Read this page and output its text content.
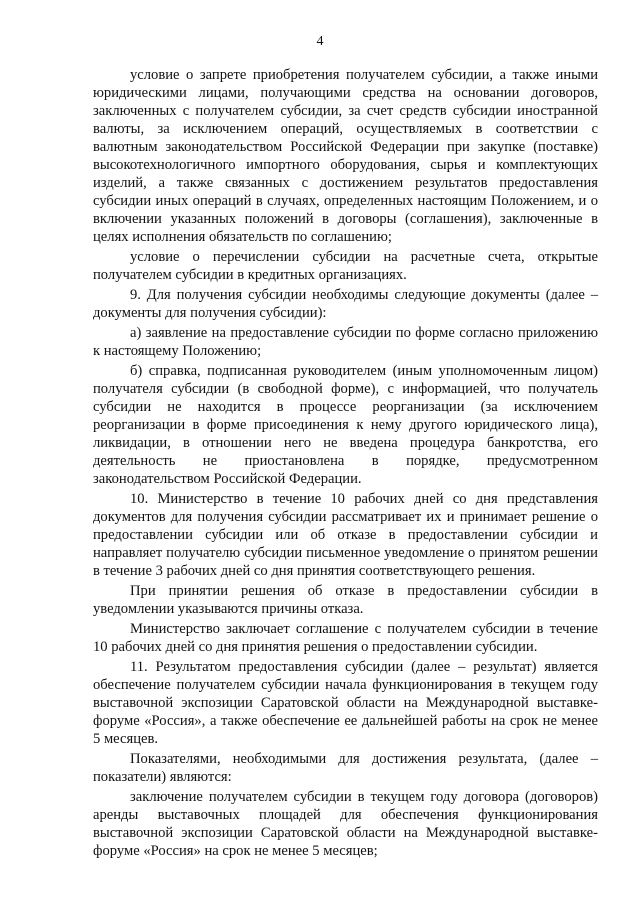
4

условие о запрете приобретения получателем субсидии, а также иными юридическими лицами, получающими средства на основании договоров, заключенных с получателем субсидии, за счет средств субсидии иностранной валюты, за исключением операций, осуществляемых в соответствии с валютным законодательством Российской Федерации при закупке (поставке) высокотехнологичного импортного оборудования, сырья и комплектующих изделий, а также связанных с достижением результатов предоставления субсидии иных операций в случаях, определенных настоящим Положением, и о включении указанных положений в договоры (соглашения), заключенные в целях исполнения обязательств по соглашению;

условие о перечислении субсидии на расчетные счета, открытые получателем субсидии в кредитных организациях.

9. Для получения субсидии необходимы следующие документы (далее – документы для получения субсидии):

а) заявление на предоставление субсидии по форме согласно приложению к настоящему Положению;

б) справка, подписанная руководителем (иным уполномоченным лицом) получателя субсидии (в свободной форме), с информацией, что получатель субсидии не находится в процессе реорганизации (за исключением реорганизации в форме присоединения к нему другого юридического лица), ликвидации, в отношении него не введена процедура банкротства, его деятельность не приостановлена в порядке, предусмотренном законодательством Российской Федерации.

10. Министерство в течение 10 рабочих дней со дня представления документов для получения субсидии рассматривает их и принимает решение о предоставлении субсидии или об отказе в предоставлении субсидии и направляет получателю субсидии письменное уведомление о принятом решении в течение 3 рабочих дней со дня принятия соответствующего решения.

При принятии решения об отказе в предоставлении субсидии в уведомлении указываются причины отказа.

Министерство заключает соглашение с получателем субсидии в течение 10 рабочих дней со дня принятия решения о предоставлении субсидии.

11. Результатом предоставления субсидии (далее – результат) является обеспечение получателем субсидии начала функционирования в текущем году выставочной экспозиции Саратовской области на Международной выставке-форуме «Россия», а также обеспечение ее дальнейшей работы на срок не менее 5 месяцев.

Показателями, необходимыми для достижения результата, (далее – показатели) являются:

заключение получателем субсидии в текущем году договора (договоров) аренды выставочных площадей для обеспечения функционирования выставочной экспозиции Саратовской области на Международной выставке-форуме «Россия» на срок не менее 5 месяцев;
